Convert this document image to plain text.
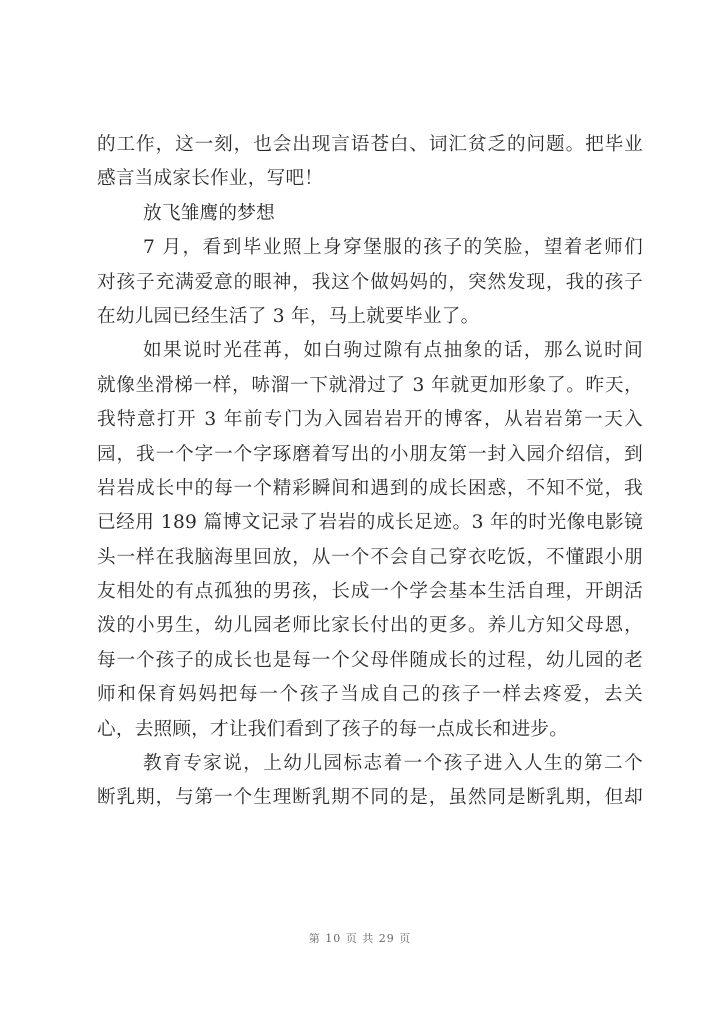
的工作，这一刻，也会出现言语苍白、词汇贫乏的问题。把毕业
感言当成家长作业，写吧！
放飞雏鹰的梦想
7 月，看到毕业照上身穿堡服的孩子的笑脸，望着老师们
对孩子充满爱意的眼神，我这个做妈妈的，突然发现，我的孩子
在幼儿园已经生活了 3 年，马上就要毕业了。
如果说时光荏苒，如白驹过隙有点抽象的话，那么说时间
就像坐滑梯一样，哧溜一下就滑过了 3 年就更加形象了。昨天，
我特意打开 3 年前专门为入园岩岩开的博客，从岩岩第一天入
园，我一个字一个字琢磨着写出的小朋友第一封入园介绍信，到
岩岩成长中的每一个精彩瞬间和遇到的成长困惑，不知不觉，我
已经用 189 篇博文记录了岩岩的成长足迹。3 年的时光像电影镜
头一样在我脑海里回放，从一个不会自己穿衣吃饭，不懂跟小朋
友相处的有点孤独的男孩，长成一个学会基本生活自理，开朗活
泼的小男生，幼儿园老师比家长付出的更多。养儿方知父母恩，
每一个孩子的成长也是每一个父母伴随成长的过程，幼儿园的老
师和保育妈妈把每一个孩子当成自己的孩子一样去疼爱，去关
心，去照顾，才让我们看到了孩子的每一点成长和进步。
教育专家说，上幼儿园标志着一个孩子进入人生的第二个
断乳期，与第一个生理断乳期不同的是，虽然同是断乳期，但却
第 10 页 共 29 页
